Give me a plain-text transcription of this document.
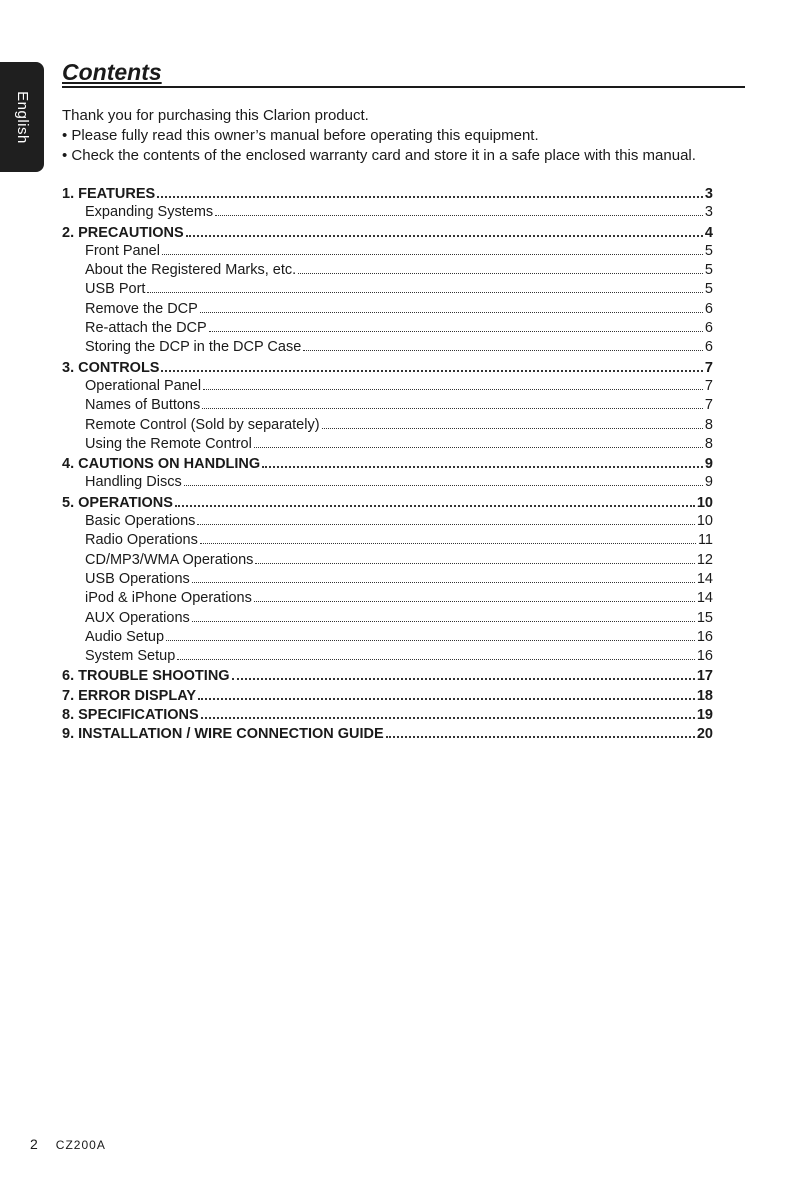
English
Contents

Thank you for purchasing this Clarion product.

• Please fully read this owner’s manual before operating this equipment.

• Check the contents of the enclosed warranty card and store it in a safe place with this manual.

1. FEATURES	3
Expanding Systems	3
2. PRECAUTIONS	4
Front Panel	5
About the Registered Marks, etc.	5
USB Port	5
Remove the DCP	6
Re-attach the DCP	6
Storing the DCP in the DCP Case	6
3. CONTROLS	7
Operational Panel	7
Names of Buttons	7
Remote Control (Sold by separately)	8
Using the Remote Control	8
4. CAUTIONS ON HANDLING	9
Handling Discs	9
5. OPERATIONS	10
Basic Operations	10
Radio Operations	11
CD/MP3/WMA Operations	12
USB Operations	14
iPod & iPhone Operations	14
AUX Operations	15
Audio Setup	16
System Setup	16
6. TROUBLE SHOOTING	17
7. ERROR DISPLAY	18
8. SPECIFICATIONS	19
9. INSTALLATION / WIRE CONNECTION GUIDE	20
2 CZ200A
